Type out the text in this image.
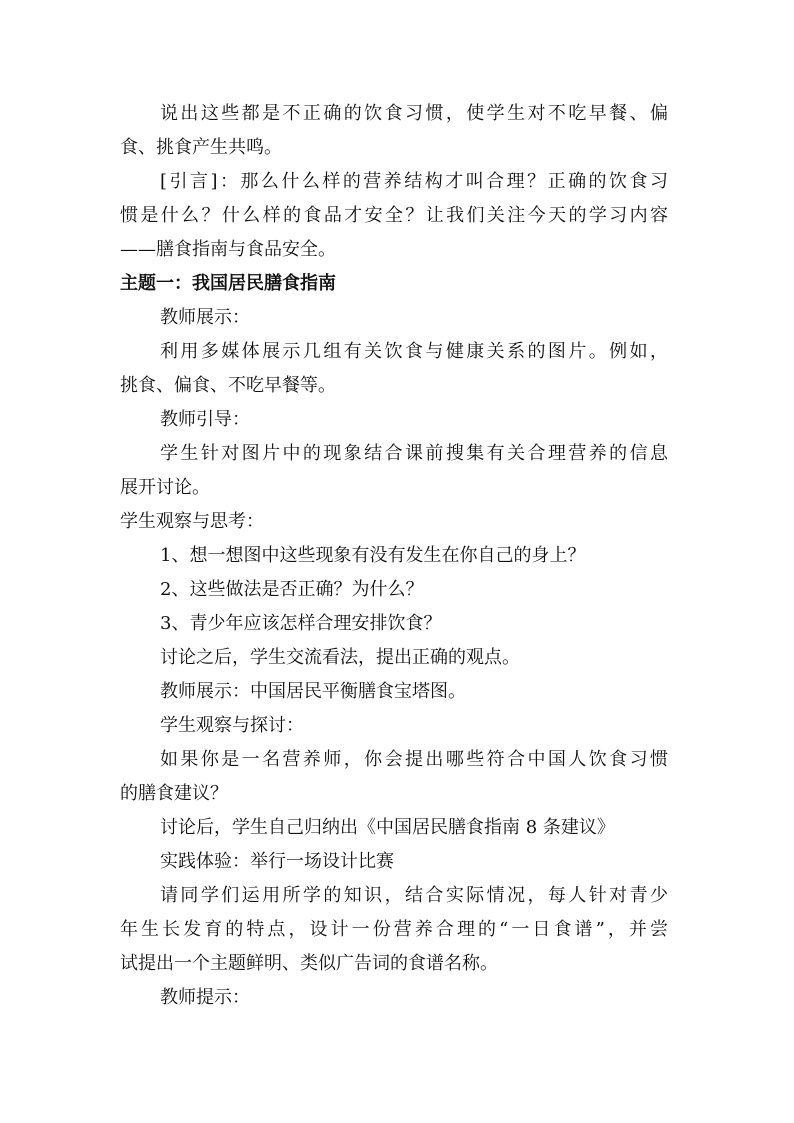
说出这些都是不正确的饮食习惯，使学生对不吃早餐、偏
食、挑食产生共鸣。
[引言]：那么什么样的营养结构才叫合理？正确的饮食习
惯是什么？什么样的食品才安全？让我们关注今天的学习内容
——膳食指南与食品安全。
主题一：我国居民膳食指南
教师展示：
利用多媒体展示几组有关饮食与健康关系的图片。例如，
挑食、偏食、不吃早餐等。
教师引导：
学生针对图片中的现象结合课前搜集有关合理营养的信息
展开讨论。
学生观察与思考：
1、想一想图中这些现象有没有发生在你自己的身上？
2、这些做法是否正确？为什么？
3、青少年应该怎样合理安排饮食？
讨论之后，学生交流看法，提出正确的观点。
教师展示：中国居民平衡膳食宝塔图。
学生观察与探讨：
如果你是一名营养师，你会提出哪些符合中国人饮食习惯
的膳食建议？
讨论后，学生自己归纳出《中国居民膳食指南 8 条建议》
实践体验：举行一场设计比赛
请同学们运用所学的知识，结合实际情况，每人针对青少
年生长发育的特点，设计一份营养合理的“一日食谱”，并尝
试提出一个主题鲜明、类似广告词的食谱名称。
教师提示：
